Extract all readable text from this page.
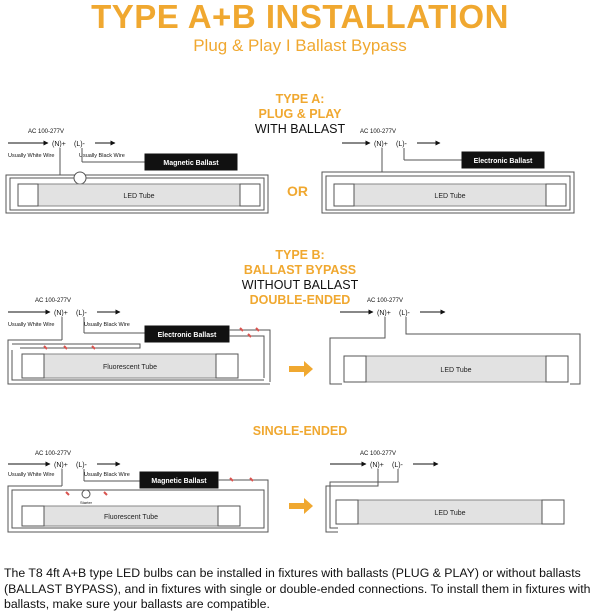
TYPE A+B INSTALLATION
Plug & Play I Ballast Bypass
TYPE A:
PLUG & PLAY
WITH BALLAST
OR
TYPE B:
BALLAST BYPASS
WITHOUT BALLAST
DOUBLE-ENDED
SINGLE-ENDED
AC 100-277V
(N)+ (L)-
Usually White Wire	Usually Black Wire
Magnetic Ballast
LED Tube
AC 100-277V
(N)+ (L)-
Electronic Ballast
LED Tube
AC 100-277V
(N)+ (L)-
Usually White Wire	Usually Black Wire
Electronic Ballast
Fluorescent Tube
AC 100-277V
(N)+ (L)-
LED Tube
AC 100-277V
(N)+ (L)-
Usually White Wire	Usually Black Wire
Magnetic Ballast
Starter
Fluorescent Tube
AC 100-277V
(N)+ (L)-
LED Tube
The T8 4ft A+B type LED bulbs can be installed in fixtures with ballasts (PLUG & PLAY) or without ballasts (BALLAST BYPASS), and in fixtures with single or double-ended connections. To install them in fixtures with ballasts, make sure your ballasts are compatible.
